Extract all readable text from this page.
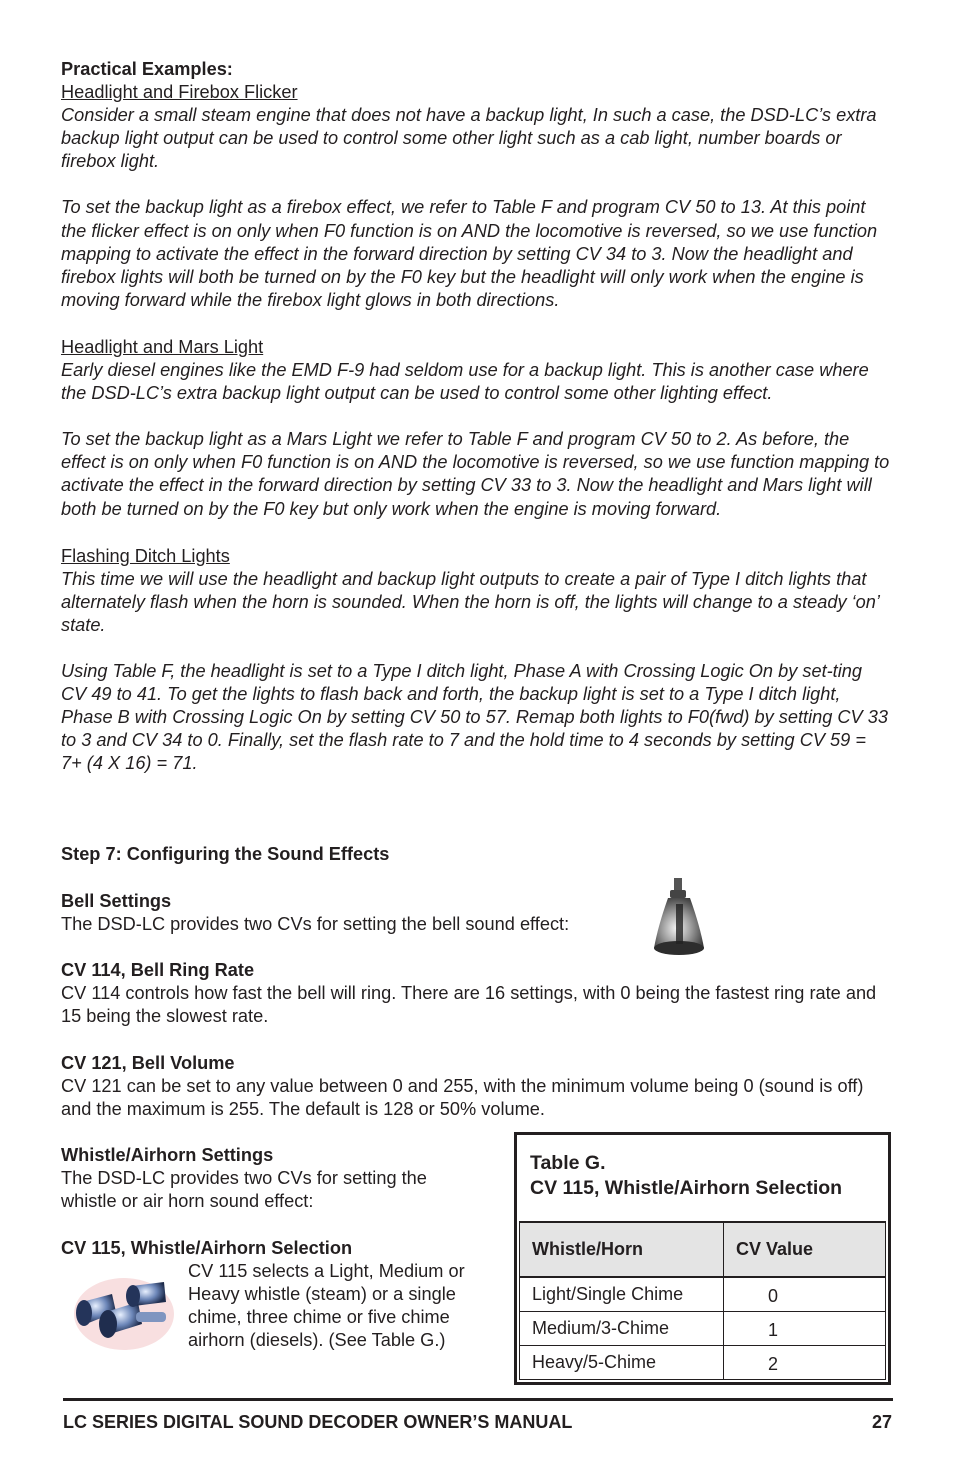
Practical Examples:

Headlight and Firebox Flicker

Consider a small steam engine that does not have a backup light, In such a case, the DSD-LC’s extra backup light output can be used to control some other light such as a cab light, number boards or firebox light.

To set the backup light as a firebox effect, we refer to Table F and program CV 50 to 13. At this point the flicker effect is on only when F0 function is on AND the locomotive is reversed, so we use function mapping to activate the effect in the forward direction by setting CV 34 to 3. Now the headlight and firebox lights will both be turned on by the F0 key but the headlight will only work when the engine is moving forward while the firebox light glows in both directions.

Headlight and Mars Light

Early diesel engines like the EMD F-9 had seldom use for a backup light. This is another case where the DSD-LC’s extra backup light output can be used to control some other lighting effect.

To set the backup light as a Mars Light we refer to Table F and program CV 50 to 2. As before, the effect is on only when F0 function is on AND the locomotive is reversed, so we use function mapping to activate the effect in the forward direction by setting CV 33 to 3. Now the headlight and Mars light will both be turned on by the F0 key but only work when the engine is moving forward.

Flashing Ditch Lights

This time we will use the headlight and backup light outputs to create a pair of Type I ditch lights that alternately flash when the horn is sounded. When the horn is off, the lights will change to a steady ‘on’ state.

Using Table F, the headlight is set to a Type I ditch light, Phase A with Crossing Logic On by set-ting CV 49 to 41. To get the lights to flash back and forth, the backup light is set to a Type I ditch light, Phase B with Crossing Logic On by setting CV 50 to 57. Remap both lights to F0(fwd) by setting CV 33 to 3 and CV 34 to 0. Finally, set the flash rate to 7 and the hold time to 4 seconds by setting CV 59 = 7+ (4 X 16) = 71.

Step 7: Configuring the Sound Effects

Bell Settings

The DSD-LC provides two CVs for setting the bell sound effect:

CV 114, Bell Ring Rate

CV 114 controls how fast the bell will ring. There are 16 settings, with 0 being the fastest ring rate and 15 being the slowest rate.

CV 121, Bell Volume

CV 121 can be set to any value between 0 and 255, with the minimum volume being 0 (sound is off) and the maximum is 255. The default is 128 or 50% volume.

Whistle/Airhorn Settings

The DSD-LC provides two CVs for setting the whistle or air horn sound effect:

CV 115, Whistle/Airhorn Selection

CV 115 selects a Light, Medium or Heavy whistle (steam) or a single chime, three chime or five chime airhorn (diesels). (See Table G.)

Table G.
CV 115, Whistle/Airhorn Selection
Whistle/Horn	CV Value
Light/Single Chime	0
Medium/3-Chime	1
Heavy/5-Chime	2
LC SERIES DIGITAL SOUND DECODER OWNER’S MANUAL	27
